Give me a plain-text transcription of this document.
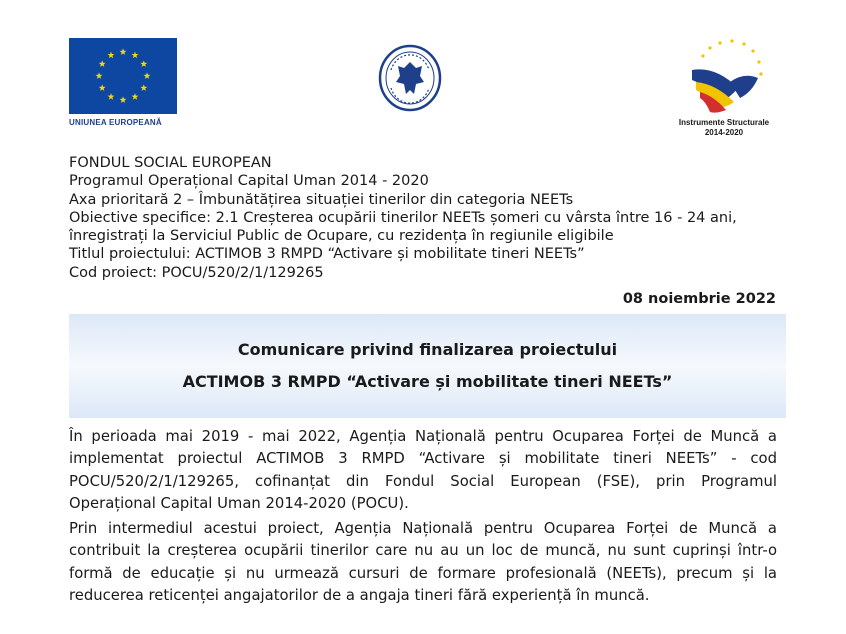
UNIUNEA EUROPEANĂ	Instrumente Structurale
2014-2020
FONDUL SOCIAL EUROPEAN
Programul Operațional Capital Uman 2014 - 2020
Axa prioritară 2 – Îmbunătățirea situației tinerilor din categoria NEETs
Obiective specifice: 2.1 Creșterea ocupării tinerilor NEETs șomeri cu vârsta între 16 - 24 ani,
înregistrați la Serviciul Public de Ocupare, cu rezidența în regiunile eligibile
Titlul proiectului: ACTIMOB 3 RMPD “Activare și mobilitate tineri NEETs”
Cod proiect: POCU/520/2/1/129265
08 noiembrie 2022
Comunicare privind finalizarea proiectului
ACTIMOB 3 RMPD “Activare și mobilitate tineri NEETs”

În perioada mai 2019 - mai 2022, Agenția Națională pentru Ocuparea Forței de Muncă a implementat proiectul ACTIMOB 3 RMPD “Activare și mobilitate tineri NEETs” - cod POCU/520/2/1/129265, cofinanțat din Fondul Social European (FSE), prin Programul Operațional Capital Uman 2014-2020 (POCU).

Prin intermediul acestui proiect, Agenția Națională pentru Ocuparea Forței de Muncă a contribuit la creșterea ocupării tinerilor care nu au un loc de muncă, nu sunt cuprinși într-o formă de educație și nu urmează cursuri de formare profesională (NEETs), precum și la reducerea reticenței angajatorilor de a angaja tineri fără experiență în muncă.
